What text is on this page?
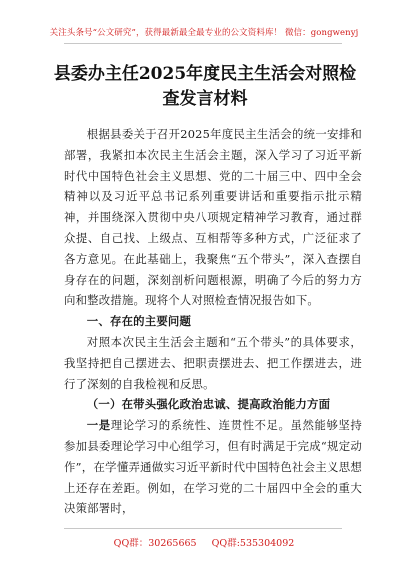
关注头条号“公文研究”，获得最新最全最专业的公文资料库！ 微信：gongwenyj
县委办主任2025年度民主生活会对照检
查发言材料

根据县委关于召开2025年度民主生活会的统一安排和部署，我紧扣本次民主生活会主题，深入学习了习近平新时代中国特色社会主义思想、党的二十届三中、四中全会精神以及习近平总书记系列重要讲话和重要指示批示精神，并围绕深入贯彻中央八项规定精神学习教育，通过群众提、自己找、上级点、互相帮等多种方式，广泛征求了各方意见。在此基础上，我聚焦“五个带头”，深入查摆自身存在的问题，深刻剖析问题根源，明确了今后的努力方向和整改措施。现将个人对照检查情况报告如下。

一、存在的主要问题

对照本次民主生活会主题和“五个带头”的具体要求，我坚持把自己摆进去、把职责摆进去、把工作摆进去，进行了深刻的自我检视和反思。

（一）在带头强化政治忠诚、提高政治能力方面

一是理论学习的系统性、连贯性不足。虽然能够坚持参加县委理论学习中心组学习，但有时满足于完成“规定动作”，在学懂弄通做实习近平新时代中国特色社会主义思想上还存在差距。例如，在学习党的二十届四中全会的重大决策部署时，

QQ群：30265665 QQ群:535304092
